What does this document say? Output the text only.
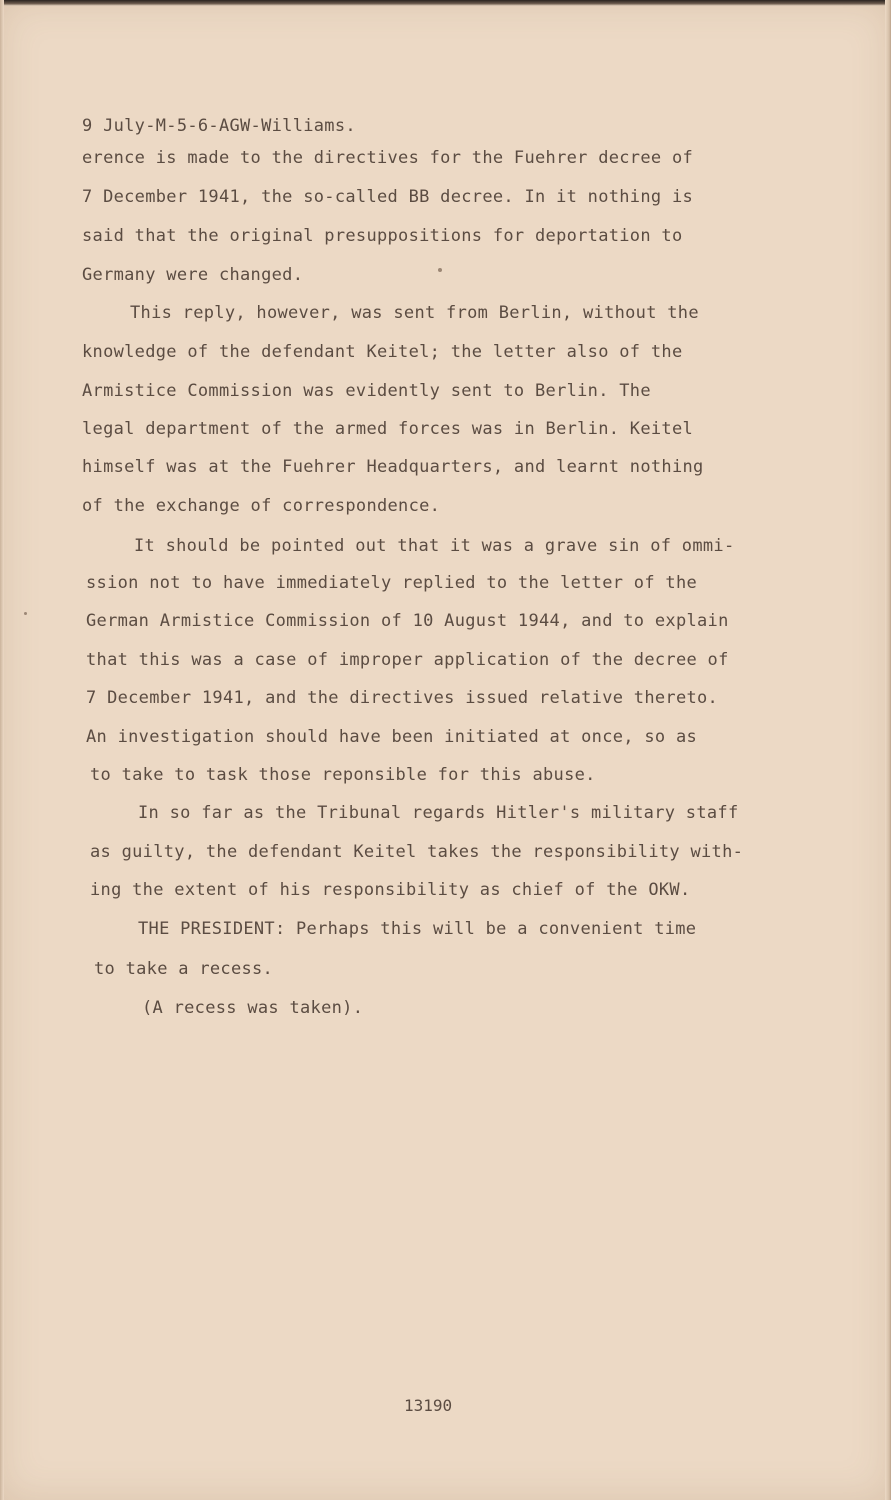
9 July-M-5-6-AGW-Williams.
erence is made to the directives for the Fuehrer decree of
7 December 1941, the so-called BB decree. In it nothing is
said that the original presuppositions for deportation to
Germany were changed.
This reply, however, was sent from Berlin, without the
knowledge of the defendant Keitel; the letter also of the
Armistice Commission was evidently sent to Berlin. The
legal department of the armed forces was in Berlin. Keitel
himself was at the Fuehrer Headquarters, and learnt nothing
of the exchange of correspondence.
It should be pointed out that it was a grave sin of ommi-
ssion not to have immediately replied to the letter of the
German Armistice Commission of 10 August 1944, and to explain
that this was a case of improper application of the decree of
7 December 1941, and the directives issued relative thereto.
An investigation should have been initiated at once, so as
to take to task those reponsible for this abuse.
In so far as the Tribunal regards Hitler's military staff
as guilty, the defendant Keitel takes the responsibility with-
ing the extent of his responsibility as chief of the OKW.
THE PRESIDENT: Perhaps this will be a convenient time
to take a recess.
(A recess was taken).
13190
